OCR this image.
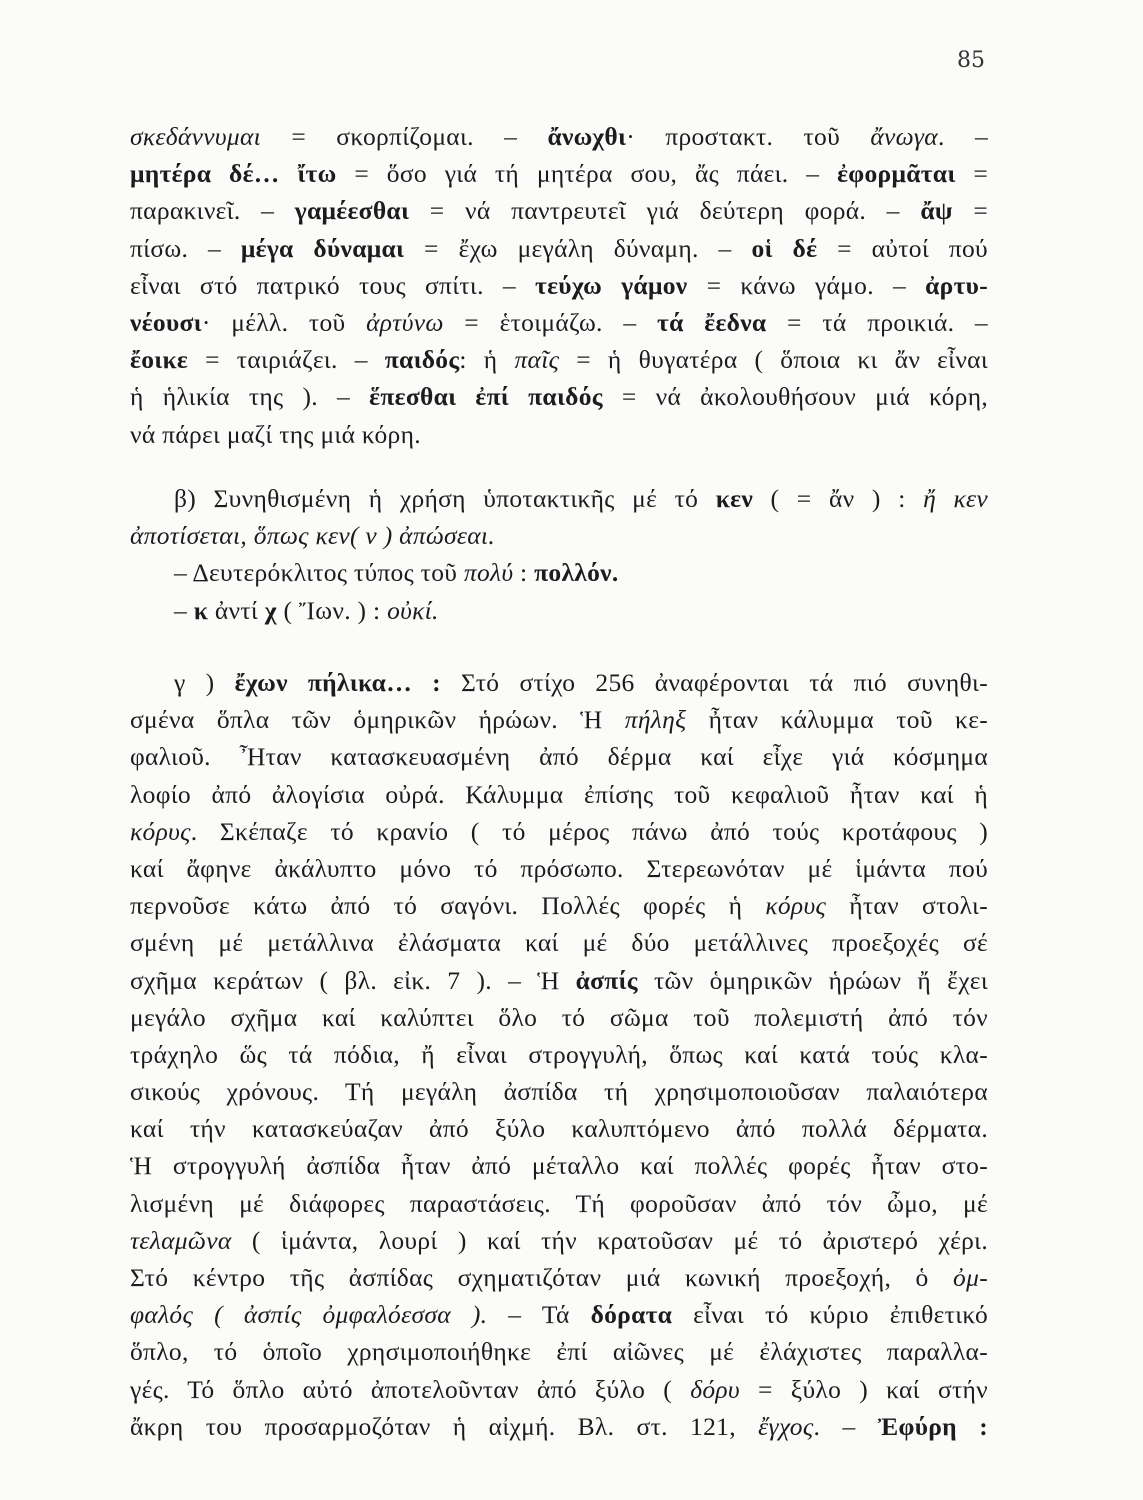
85
σκεδάννυμαι = σκορπίζομαι. – ἄνωχθι· προστακτ. τοῦ ἄνωγα. –
μητέρα δέ… ἴτω = ὅσο γιά τή μητέρα σου, ἄς πάει. – ἐφορμᾶται =
παρακινεῖ. – γαμέεσθαι = νά παντρευτεῖ γιά δεύτερη φορά. – ἄψ =
πίσω. – μέγα δύναμαι = ἔχω μεγάλη δύναμη. – οἱ δέ = αὐτοί πού
εἶναι στό πατρικό τους σπίτι. – τεύχω γάμον = κάνω γάμο. – ἀρτυ-
νέουσι· μέλλ. τοῦ ἀρτύνω = ἑτοιμάζω. – τά ἔεδνα = τά προικιά. –
ἔοικε = ταιριάζει. – παιδός: ἡ παῖς = ἡ θυγατέρα ( ὅποια κι ἄν εἶναι
ἡ ἡλικία της ). – ἕπεσθαι ἐπί παιδός = νά ἀκολουθήσουν μιά κόρη,
νά πάρει μαζί της μιά κόρη.
β) Συνηθισμένη ἡ χρήση ὑποτακτικῆς μέ τό κεν ( = ἄν ) : ἤ κεν
ἀποτίσεται, ὅπως κεν( ν ) ἀπώσεαι.
– Δευτερόκλιτος τύπος τοῦ πολύ : πολλόν.
– κ ἀντί χ ( Ἴων. ) : οὐκί.
γ ) ἔχων πήλικα… : Στό στίχο 256 ἀναφέρονται τά πιό συνηθι-
σμένα ὅπλα τῶν ὁμηρικῶν ἡρώων. Ἡ πήληξ ἦταν κάλυμμα τοῦ κε-
φαλιοῦ. Ἦταν κατασκευασμένη ἀπό δέρμα καί εἶχε γιά κόσμημα
λοφίο ἀπό ἀλογίσια οὐρά. Κάλυμμα ἐπίσης τοῦ κεφαλιοῦ ἦταν καί ἡ
κόρυς. Σκέπαζε τό κρανίο ( τό μέρος πάνω ἀπό τούς κροτάφους )
καί ἄφηνε ἀκάλυπτο μόνο τό πρόσωπο. Στερεωνόταν μέ ἱμάντα πού
περνοῦσε κάτω ἀπό τό σαγόνι. Πολλές φορές ἡ κόρυς ἦταν στολι-
σμένη μέ μετάλλινα ἐλάσματα καί μέ δύο μετάλλινες προεξοχές σέ
σχῆμα κεράτων ( βλ. εἰκ. 7 ). – Ἡ ἀσπίς τῶν ὁμηρικῶν ἡρώων ἤ ἔχει
μεγάλο σχῆμα καί καλύπτει ὅλο τό σῶμα τοῦ πολεμιστή ἀπό τόν
τράχηλο ὥς τά πόδια, ἤ εἶναι στρογγυλή, ὅπως καί κατά τούς κλα-
σικούς χρόνους. Τή μεγάλη ἀσπίδα τή χρησιμοποιοῦσαν παλαιότερα
καί τήν κατασκεύαζαν ἀπό ξύλο καλυπτόμενο ἀπό πολλά δέρματα.
Ἡ στρογγυλή ἀσπίδα ἦταν ἀπό μέταλλο καί πολλές φορές ἦταν στο-
λισμένη μέ διάφορες παραστάσεις. Τή φοροῦσαν ἀπό τόν ὦμο, μέ
τελαμῶνα ( ἱμάντα, λουρί ) καί τήν κρατοῦσαν μέ τό ἀριστερό χέρι.
Στό κέντρο τῆς ἀσπίδας σχηματιζόταν μιά κωνική προεξοχή, ὁ ὀμ-
φαλός ( ἀσπίς ὀμφαλόεσσα ). – Τά δόρατα εἶναι τό κύριο ἐπιθετικό
ὅπλο, τό ὁποῖο χρησιμοποιήθηκε ἐπί αἰῶνες μέ ἐλάχιστες παραλλα-
γές. Τό ὅπλο αὐτό ἀποτελοῦνταν ἀπό ξύλο ( δόρυ = ξύλο ) καί στήν
ἄκρη του προσαρμοζόταν ἡ αἰχμή. Βλ. στ. 121, ἔγχος. – Ἐφύρη :
